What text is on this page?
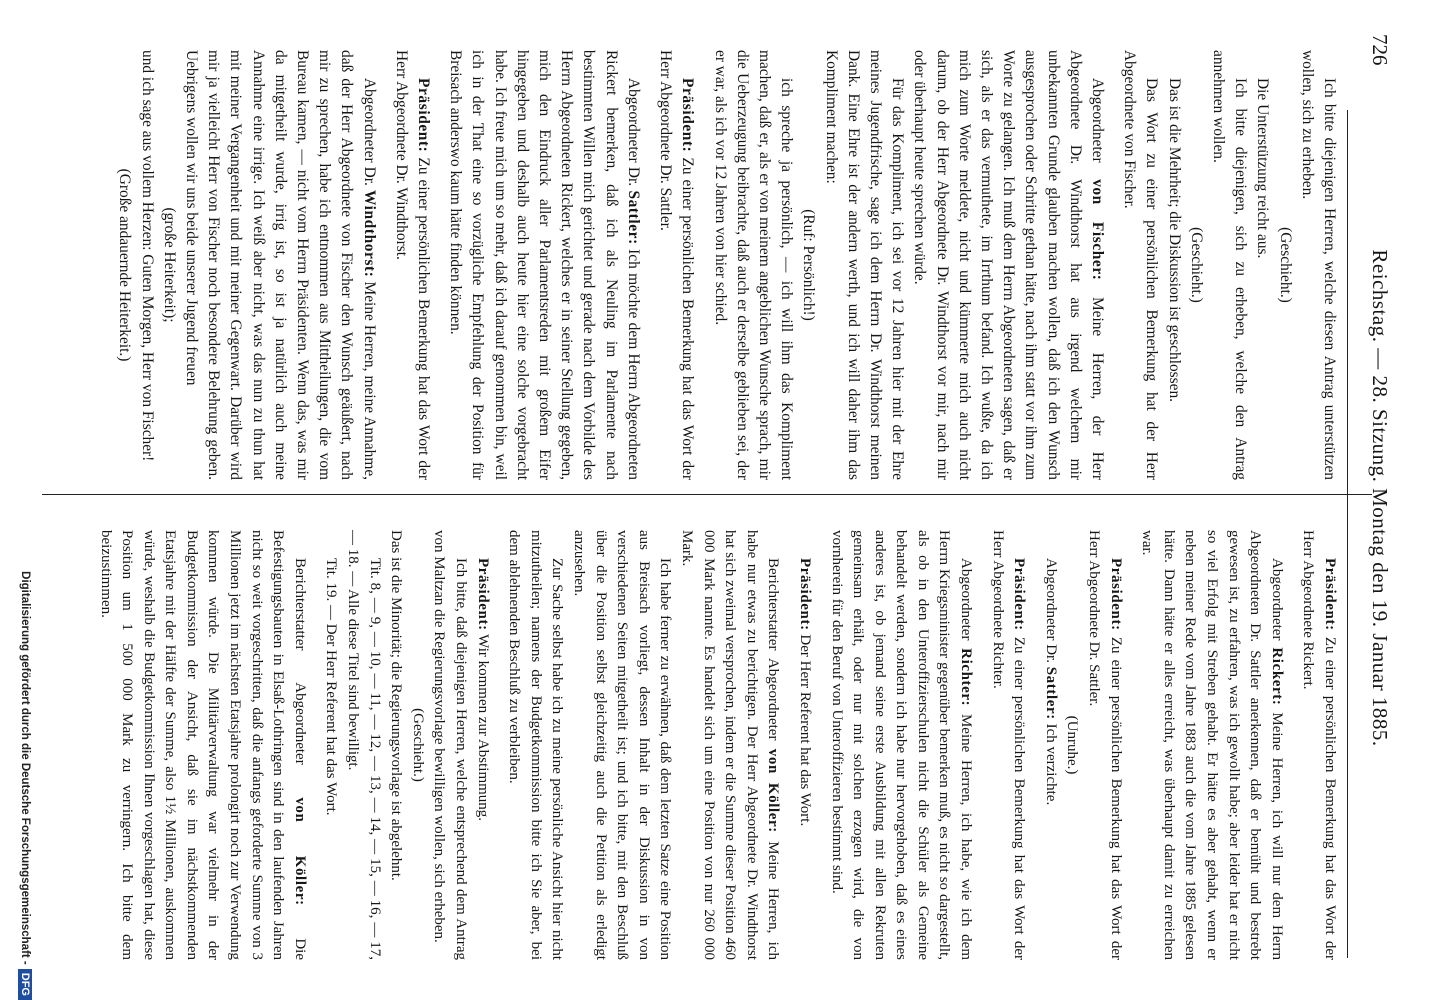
726
Reichstag. — 28. Sitzung. Montag den 19. Januar 1885.

Ich bitte diejenigen Herren, welche diesen Antrag unterstützen wollen, sich zu erheben.

(Geschieht.)

Die Unterstützung reicht aus.

Ich bitte diejenigen, sich zu erheben, welche den Antrag annehmen wollen.

(Geschieht.)

Das ist die Mehrheit; die Diskussion ist geschlossen.

Das Wort zu einer persönlichen Bemerkung hat der Herr Abgeordnete von Fischer.

Abgeordneter von Fischer: Meine Herren, der Herr Abgeordnete Dr. Windthorst hat aus irgend welchem mir unbekannten Grunde glauben machen wollen, daß ich den Wunsch ausgesprochen oder Schritte gethan hätte, nach ihm statt vor ihm zum Worte zu gelangen. Ich muß dem Herrn Abgeordneten sagen, daß er sich, als er das vermuthete, im Irrthum befand. Ich wußte, da ich mich zum Worte meldete, nicht und kümmerte mich auch nicht darum, ob der Herr Abgeordnete Dr. Windthorst vor mir, nach mir oder überhaupt heute sprechen würde.

Für das Kompliment, ich sei vor 12 Jahren hier mit der Ehre meines Jugendfrische, sage ich dem Herrn Dr. Windthorst meinen Dank. Eine Ehre ist der andern werth, und ich will daher ihm das Kompliment machen:

(Ruf: Persönlich!)

ich spreche ja persönlich, — ich will ihm das Kompliment machen, daß er, als er von meinem angeblichen Wunsche sprach, mir die Ueberzeugung beibrachte, daß auch er derselbe geblieben sei, der er war, als ich vor 12 Jahren von hier schied.

Präsident: Zu einer persönlichen Bemerkung hat das Wort der Herr Abgeordnete Dr. Sattler.

Abgeordneter Dr. Sattler: Ich möchte dem Herrn Abgeordneten Rickert bemerken, daß ich als Neuling im Parlamente nach bestimmten Willen mich gerichtet und gerade nach dem Vorbilde des Herrn Abgeordneten Rickert, welches er in seiner Stellung gegeben, mich den Eindruck aller Parlamentsreden mit großem Eifer hingegeben und deshalb auch heute hier eine solche vorgebracht habe. Ich freue mich um so mehr, daß ich darauf genommen bin, weil ich in der That eine so vorzügliche Empfehlung der Position für Breisach anderswo kaum hätte finden können.

Präsident: Zu einer persönlichen Bemerkung hat das Wort der Herr Abgeordnete Dr. Windthorst.

Abgeordneter Dr. Windthorst: Meine Herren, meine Annahme, daß der Herr Abgeordnete von Fischer den Wunsch geäußert, nach mir zu sprechen, habe ich entnommen aus Mittheilungen, die vom Bureau kamen, — nicht vom Herrn Präsidenten. Wenn das, was mir da mitgetheilt wurde, irrig ist, so ist ja natürlich auch meine Annahme eine irrige. Ich weiß aber nicht, was das nun zu thun hat mit meiner Vergangenheit und mit meiner Gegenwart. Darüber wird mir ja vielleicht Herr von Fischer noch besondere Belehrung geben. Uebrigens wollen wir uns beide unserer Jugend freuen

(große Heiterkeit);

und ich sage aus vollem Herzen: Guten Morgen, Herr von Fischer!

(Große andauernde Heiterkeit.)

Präsident: Zu einer persönlichen Bemerkung hat das Wort der Herr Abgeordnete Rickert.

Abgeordneter Rickert: Meine Herren, ich will nur dem Herrn Abgeordneten Dr. Sattler anerkennen, daß er bemüht und bestrebt gewesen ist, zu erfahren, was ich gewollt habe; aber leider hat er nicht so viel Erfolg mit Streben gehabt. Er hätte es aber gehabt, wenn er neben meiner Rede vom Jahre 1883 auch die vom Jahre 1885 gelesen hätte. Dann hätte er alles erreicht, was überhaupt damit zu erreichen war.

Präsident: Zu einer persönlichen Bemerkung hat das Wort der Herr Abgeordnete Dr. Sattler.

(Unruhe.)

Abgeordneter Dr. Sattler: Ich verzichte.

Präsident: Zu einer persönlichen Bemerkung hat das Wort der Herr Abgeordnete Richter.

Abgeordneter Richter: Meine Herren, ich habe, wie ich dem Herrn Kriegsminister gegenüber bemerken muß, es nicht so dargestellt, als ob in den Unteroffizierschulen nicht die Schüler als Gemeine behandelt werden, sondern ich habe nur hervorgehoben, daß es eines anderes ist, ob jemand seine erste Ausbildung mit allen Rekruten gemeinsam erhält, oder nur mit solchen erzogen wird, die von vornherein für den Beruf von Unteroffizieren bestimmt sind.

Präsident: Der Herr Referent hat das Wort.

Berichterstatter Abgeordneter von Köller: Meine Herren, ich habe nur etwas zu berichtigen. Der Herr Abgeordnete Dr. Windthorst hat sich zweimal versprochen, indem er die Summe dieser Position 460 000 Mark nannte. Es handelt sich um eine Position von nur 260 000 Mark.

Ich habe ferner zu erwähnen, daß dem letzten Satze eine Position aus Breisach vorliegt, dessen Inhalt in der Diskussion in von verschiedenen Seiten mitgetheilt ist; und ich bitte, mit den Beschluß über die Position selbst gleichzeitig auch die Petition als erledigt anzusehen.

Zur Sache selbst habe ich zu meine persönliche Ansicht hier nicht mitzutheilen; namens der Budgetkommission bitte ich Sie aber, bei dem ablehnenden Beschluß zu verbleiben.

Präsident: Wir kommen zur Abstimmung.

Ich bitte, daß diejenigen Herren, welche entsprechend dem Antrag von Maltzan die Regierungsvorlage bewilligen wollen, sich erheben.

(Geschieht.)

Das ist die Minorität; die Regierungsvorlage ist abgelehnt.

Tit. 8, — 9, — 10, — 11, — 12, — 13, — 14, — 15, — 16, — 17, — 18. — Alle diese Titel sind bewilligt.

Tit. 19. — Der Herr Referent hat das Wort.

Berichterstatter Abgeordneter von Köller: Die Befestigungsbauten in Elsaß-Lothringen sind in den laufenden Jahren nicht so weit vorgeschritten, daß die anfangs geforderte Summe von 3 Millionen jetzt im nächsten Etatsjahre prolongirt noch zur Verwendung kommen würde. Die Militärverwaltung war vielmehr in der Budgetkommission der Ansicht, daß sie im nächstkommenden Etatsjahre mit der Hälfte der Summe, also 1½ Millionen, auskommen würde, weshalb die Budgetkommission Ihnen vorgeschlagen hat, diese Position um 1 500 000 Mark zu verringern. Ich bitte dem beizustimmen.

Digitalisierung gefördert durch die Deutsche Forschungsgemeinschaft -DFG
